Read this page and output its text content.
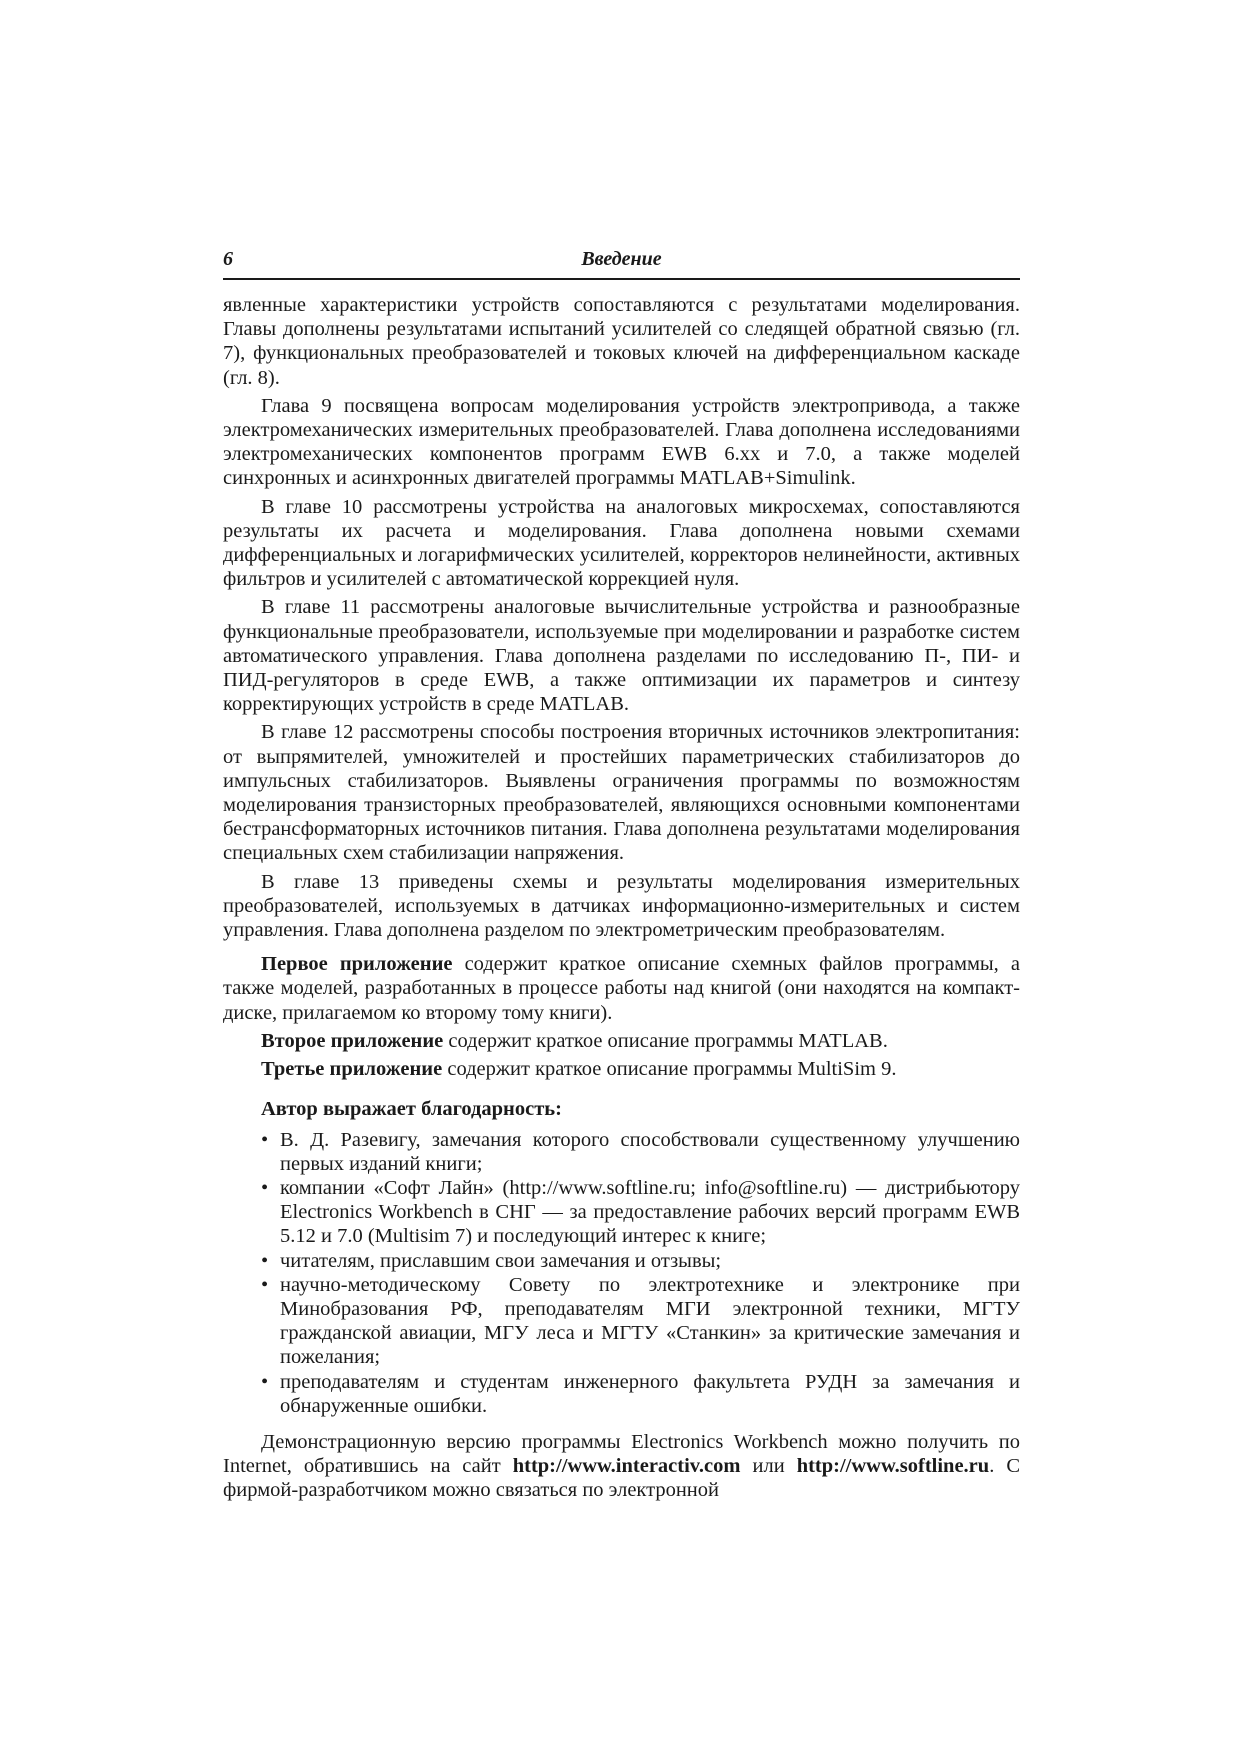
6	Введение

явленные характеристики устройств сопоставляются с результатами моделирования. Главы дополнены результатами испытаний усилителей со следящей обратной связью (гл. 7), функциональных преобразователей и токовых ключей на дифференциальном каскаде (гл. 8).

Глава 9 посвящена вопросам моделирования устройств электропривода, а также электромеханических измерительных преобразователей. Глава дополнена исследованиями электромеханических компонентов программ EWB 6.xx и 7.0, а также моделей синхронных и асинхронных двигателей программы MATLAB+Simulink.

В главе 10 рассмотрены устройства на аналоговых микросхемах, сопоставляются результаты их расчета и моделирования. Глава дополнена новыми схемами дифференциальных и логарифмических усилителей, корректоров нелинейности, активных фильтров и усилителей с автоматической коррекцией нуля.

В главе 11 рассмотрены аналоговые вычислительные устройства и разнообразные функциональные преобразователи, используемые при моделировании и разработке систем автоматического управления. Глава дополнена разделами по исследованию П-, ПИ- и ПИД-регуляторов в среде EWB, а также оптимизации их параметров и синтезу корректирующих устройств в среде MATLAB.

В главе 12 рассмотрены способы построения вторичных источников электропитания: от выпрямителей, умножителей и простейших параметрических стабилизаторов до импульсных стабилизаторов. Выявлены ограничения программы по возможностям моделирования транзисторных преобразователей, являющихся основными компонентами бестрансформаторных источников питания. Глава дополнена результатами моделирования специальных схем стабилизации напряжения.

В главе 13 приведены схемы и результаты моделирования измерительных преобразователей, используемых в датчиках информационно-измерительных и систем управления. Глава дополнена разделом по электрометрическим преобразователям.

Первое приложение содержит краткое описание схемных файлов программы, а также моделей, разработанных в процессе работы над книгой (они находятся на компакт-диске, прилагаемом ко второму тому книги).

Второе приложение содержит краткое описание программы MATLAB.

Третье приложение содержит краткое описание программы MultiSim 9.

Автор выражает благодарность:

• В. Д. Разевигу, замечания которого способствовали существенному улучшению первых изданий книги;
• компании «Софт Лайн» (http://www.softline.ru; info@softline.ru) — дистрибьютору Electronics Workbench в СНГ — за предоставление рабочих версий программ EWB 5.12 и 7.0 (Multisim 7) и последующий интерес к книге;
• читателям, приславшим свои замечания и отзывы;
• научно-методическому Совету по электротехнике и электронике при Минобразования РФ, преподавателям МГИ электронной техники, МГТУ гражданской авиации, МГУ леса и МГТУ «Станкин» за критические замечания и пожелания;
• преподавателям и студентам инженерного факультета РУДН за замечания и обнаруженные ошибки.

Демонстрационную версию программы Electronics Workbench можно получить по Internet, обратившись на сайт http://www.interactiv.com или http://www.softline.ru. С фирмой-разработчиком можно связаться по электронной
